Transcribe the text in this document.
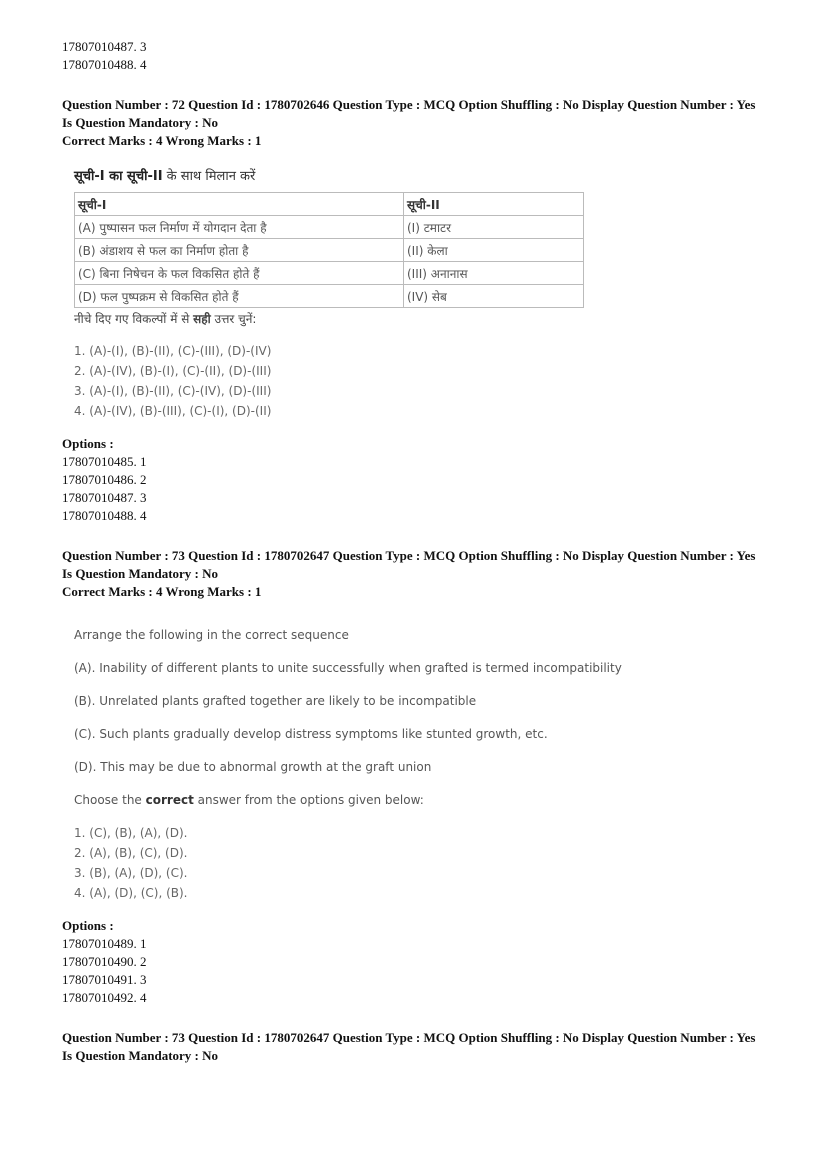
17807010487. 3
17807010488. 4
Question Number : 72 Question Id : 1780702646 Question Type : MCQ Option Shuffling : No Display Question Number : Yes
Is Question Mandatory : No
Correct Marks : 4 Wrong Marks : 1
सूची-I का सूची-II के साथ मिलान करें
सूची-I	सूची-II
(A) पुष्पासन फल निर्माण में योगदान देता है	(I) टमाटर
(B) अंडाशय से फल का निर्माण होता है	(II) केला
(C) बिना निषेचन के फल विकसित होते हैं	(III) अनानास
(D) फल पुष्पक्रम से विकसित होते हैं	(IV) सेब
नीचे दिए गए विकल्पों में से सही उत्तर चुनें:
1. (A)-(I), (B)-(II), (C)-(III), (D)-(IV)
2. (A)-(IV), (B)-(I), (C)-(II), (D)-(III)
3. (A)-(I), (B)-(II), (C)-(IV), (D)-(III)
4. (A)-(IV), (B)-(III), (C)-(I), (D)-(II)
Options :
17807010485. 1
17807010486. 2
17807010487. 3
17807010488. 4
Question Number : 73 Question Id : 1780702647 Question Type : MCQ Option Shuffling : No Display Question Number : Yes
Is Question Mandatory : No
Correct Marks : 4 Wrong Marks : 1
Arrange the following in the correct sequence
(A). Inability of different plants to unite successfully when grafted is termed incompatibility
(B). Unrelated plants grafted together are likely to be incompatible
(C). Such plants gradually develop distress symptoms like stunted growth, etc.
(D). This may be due to abnormal growth at the graft union
Choose the correct answer from the options given below:
1. (C), (B), (A), (D).
2. (A), (B), (C), (D).
3. (B), (A), (D), (C).
4. (A), (D), (C), (B).
Options :
17807010489. 1
17807010490. 2
17807010491. 3
17807010492. 4
Question Number : 73 Question Id : 1780702647 Question Type : MCQ Option Shuffling : No Display Question Number : Yes
Is Question Mandatory : No
